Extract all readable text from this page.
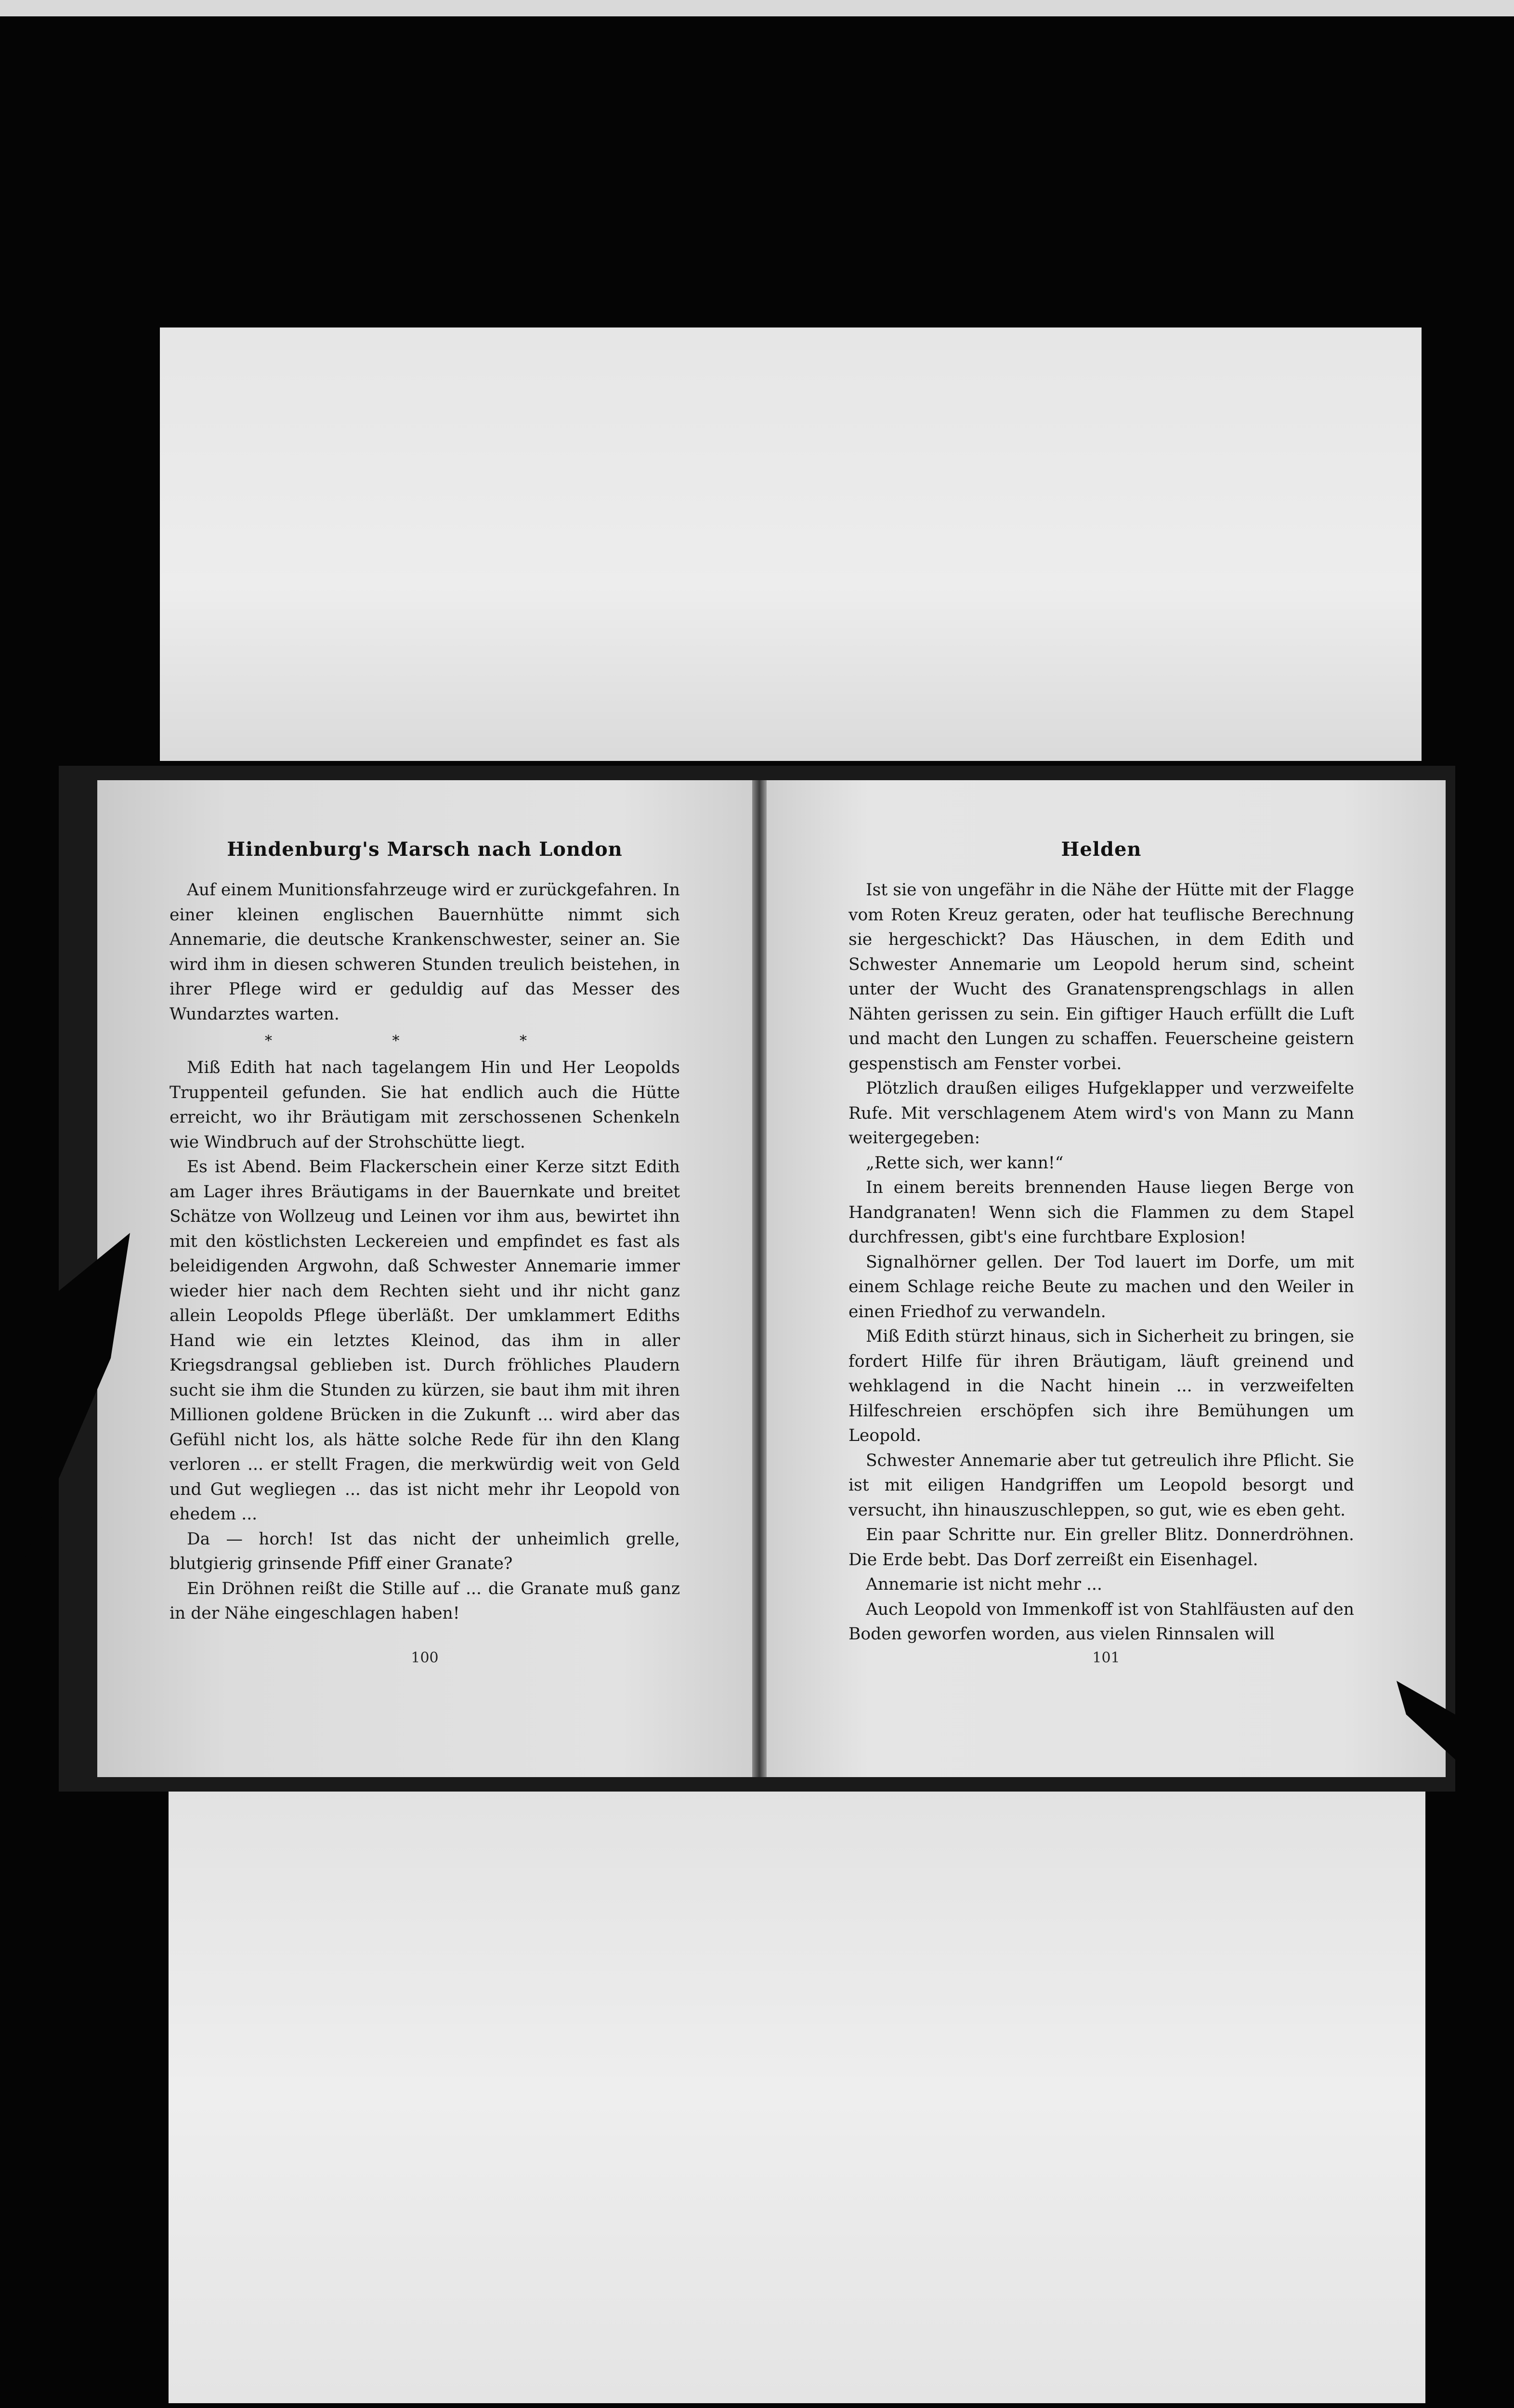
Hindenburg's Marsch nach London

Auf einem Munitionsfahrzeuge wird er zurückgefahren. In einer kleinen englischen Bauernhütte nimmt sich Annemarie, die deutsche Krankenschwester, seiner an. Sie wird ihm in diesen schweren Stunden treulich beistehen, in ihrer Pflege wird er geduldig auf das Messer des Wundarztes warten.

* * *

Miß Edith hat nach tagelangem Hin und Her Leopolds Truppenteil gefunden. Sie hat endlich auch die Hütte erreicht, wo ihr Bräutigam mit zerschossenen Schenkeln wie Windbruch auf der Strohschütte liegt.

Es ist Abend. Beim Flackerschein einer Kerze sitzt Edith am Lager ihres Bräutigams in der Bauernkate und breitet Schätze von Wollzeug und Leinen vor ihm aus, bewirtet ihn mit den köstlichsten Leckereien und empfindet es fast als beleidigenden Argwohn, daß Schwester Annemarie immer wieder hier nach dem Rechten sieht und ihr nicht ganz allein Leopolds Pflege überläßt. Der umklammert Ediths Hand wie ein letztes Kleinod, das ihm in aller Kriegsdrangsal geblieben ist. Durch fröhliches Plaudern sucht sie ihm die Stunden zu kürzen, sie baut ihm mit ihren Millionen goldene Brücken in die Zukunft ... wird aber das Gefühl nicht los, als hätte solche Rede für ihn den Klang verloren ... er stellt Fragen, die merkwürdig weit von Geld und Gut wegliegen ... das ist nicht mehr ihr Leopold von ehedem ...

Da — horch! Ist das nicht der unheimlich grelle, blutgierig grinsende Pfiff einer Granate?

Ein Dröhnen reißt die Stille auf ... die Granate muß ganz in der Nähe eingeschlagen haben!

100
Helden

Ist sie von ungefähr in die Nähe der Hütte mit der Flagge vom Roten Kreuz geraten, oder hat teuflische Berechnung sie hergeschickt? Das Häuschen, in dem Edith und Schwester Annemarie um Leopold herum sind, scheint unter der Wucht des Granatensprengschlags in allen Nähten gerissen zu sein. Ein giftiger Hauch erfüllt die Luft und macht den Lungen zu schaffen. Feuerscheine geistern gespenstisch am Fenster vorbei.

Plötzlich draußen eiliges Hufgeklapper und verzweifelte Rufe. Mit verschlagenem Atem wird's von Mann zu Mann weitergegeben:

„Rette sich, wer kann!“

In einem bereits brennenden Hause liegen Berge von Handgranaten! Wenn sich die Flammen zu dem Stapel durchfressen, gibt's eine furchtbare Explosion!

Signalhörner gellen. Der Tod lauert im Dorfe, um mit einem Schlage reiche Beute zu machen und den Weiler in einen Friedhof zu verwandeln.

Miß Edith stürzt hinaus, sich in Sicherheit zu bringen, sie fordert Hilfe für ihren Bräutigam, läuft greinend und wehklagend in die Nacht hinein ... in verzweifelten Hilfeschreien erschöpfen sich ihre Bemühungen um Leopold.

Schwester Annemarie aber tut getreulich ihre Pflicht. Sie ist mit eiligen Handgriffen um Leopold besorgt und versucht, ihn hinauszuschleppen, so gut, wie es eben geht.

Ein paar Schritte nur. Ein greller Blitz. Donnerdröhnen. Die Erde bebt. Das Dorf zerreißt ein Eisenhagel.

Annemarie ist nicht mehr ...

Auch Leopold von Immenkoff ist von Stahlfäusten auf den Boden geworfen worden, aus vielen Rinnsalen will

101
